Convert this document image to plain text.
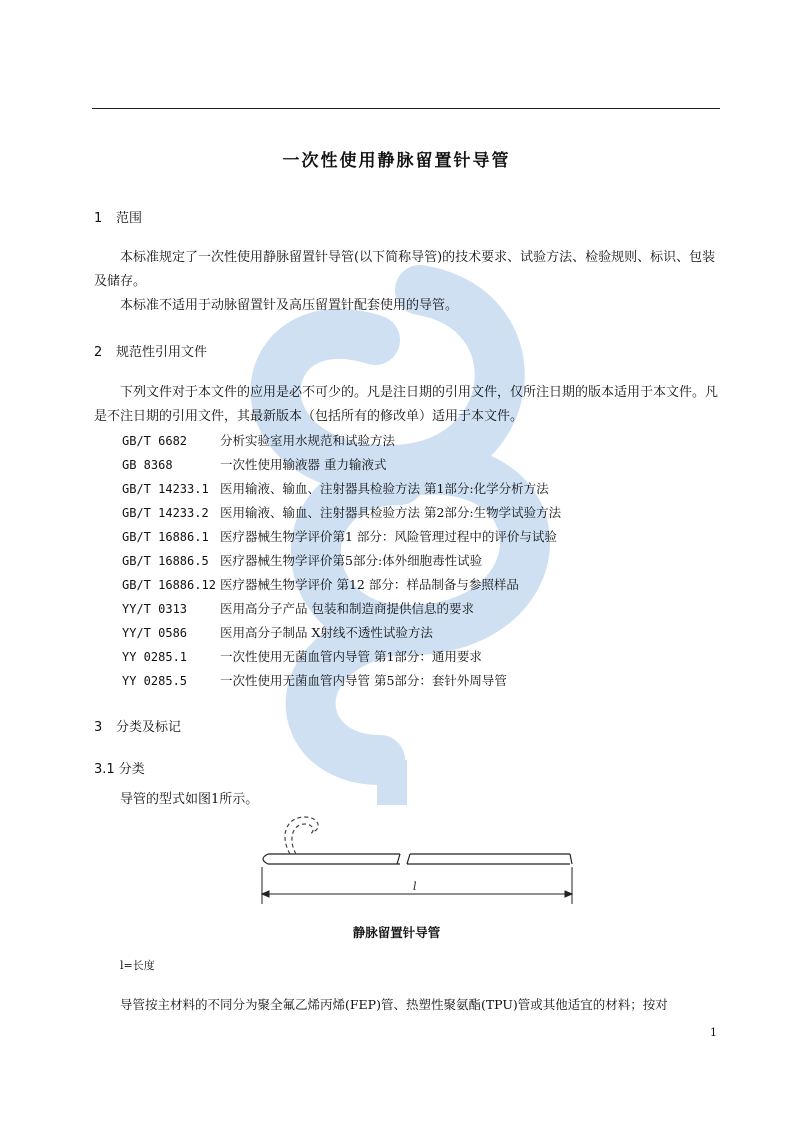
一次性使用静脉留置针导管
1 范围

本标准规定了一次性使用静脉留置针导管(以下简称导管)的技术要求、试验方法、检验规则、标识、包装及储存。

本标准不适用于动脉留置针及高压留置针配套使用的导管。

2 规范性引用文件

下列文件对于本文件的应用是必不可少的。凡是注日期的引用文件，仅所注日期的版本适用于本文件。凡是不注日期的引用文件，其最新版本（包括所有的修改单）适用于本文件。

GB/T 6682	分析实验室用水规范和试验方法
GB 8368	一次性使用输液器 重力输液式
GB/T 14233.1 医用输液、输血、注射器具检验方法 第1部分:化学分析方法
GB/T 14233.2 医用输液、输血、注射器具检验方法 第2部分:生物学试验方法
GB/T 16886.1 医疗器械生物学评价第1 部分：风险管理过程中的评价与试验
GB/T 16886.5 医疗器械生物学评价第5部分:体外细胞毒性试验
GB/T 16886.12 医疗器械生物学评价 第12 部分：样品制备与参照样品
YY/T 0313	医用高分子产品 包装和制造商提供信息的要求
YY/T 0586	医用高分子制品 X射线不透性试验方法
YY 0285.1	一次性使用无菌血管内导管 第1部分：通用要求
YY 0285.5	一次性使用无菌血管内导管 第5部分：套针外周导管
3 分类及标记
3.1 分类
导管的型式如图1所示。
l
静脉留置针导管
l=长度
导管按主材料的不同分为聚全氟乙烯丙烯(FEP)管、热塑性聚氨酯(TPU)管或其他适宜的材料；按对
1
